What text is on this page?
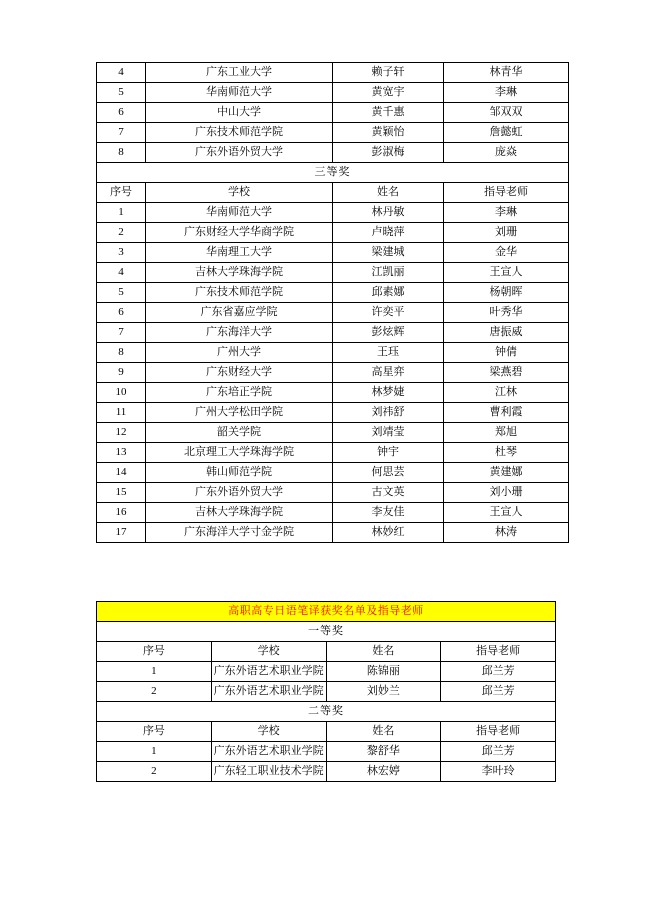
4	广东工业大学	赖子轩	林青华
5	华南师范大学	黄宽宇	李琳
6	中山大学	黄千惠	邹双双
7	广东技术师范学院	黄颖怡	詹懿虹
8	广东外语外贸大学	彭淑梅	庞焱
三等奖			
序号	学校	姓名	指导老师
1	华南师范大学	林丹敏	李琳
2	广东财经大学华商学院	卢晓萍	刘珊
3	华南理工大学	梁建城	金华
4	吉林大学珠海学院	江凯丽	王宣人
5	广东技术师范学院	邱素娜	杨朝晖
6	广东省嘉应学院	许奕平	叶秀华
7	广东海洋大学	彭炫辉	唐振威
8	广州大学	王珏	钟倩
9	广东财经大学	高星弈	梁燕碧
10	广东培正学院	林梦婕	江林
11	广州大学松田学院	刘祎舒	曹利霞
12	韶关学院	刘靖莹	郑旭
13	北京理工大学珠海学院	钟宇	杜琴
14	韩山师范学院	何思芸	黄建娜
15	广东外语外贸大学	古文英	刘小珊
16	吉林大学珠海学院	李友佳	王宣人
17	广东海洋大学寸金学院	林妙红	林涛
高职高专日语笔译获奖名单及指导老师			
一等奖			
序号	学校	姓名	指导老师
1	广东外语艺术职业学院	陈锦丽	邱兰芳
2	广东外语艺术职业学院	刘妙兰	邱兰芳
二等奖			
序号	学校	姓名	指导老师
1	广东外语艺术职业学院	黎舒华	邱兰芳
2	广东轻工职业技术学院	林宏婷	李叶玲
